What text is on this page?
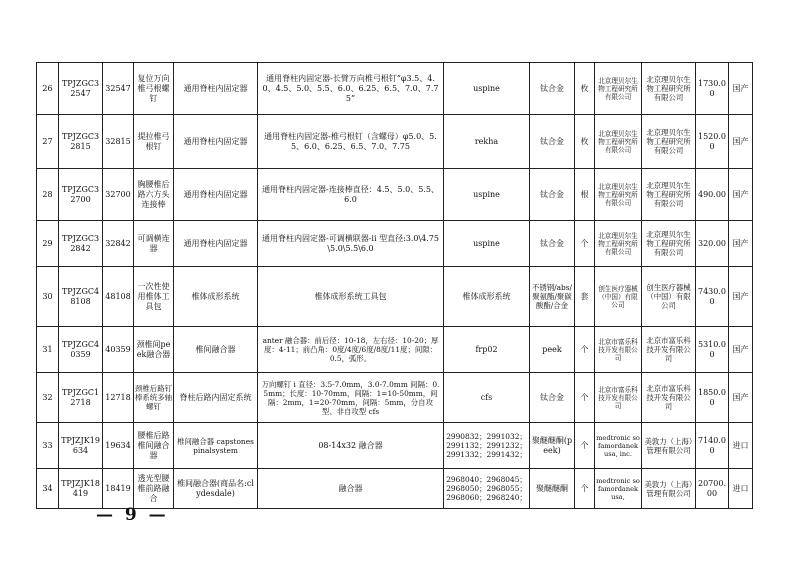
26	TPJZGC32547	32547	复位万向椎弓根螺钉	通用脊柱内固定器	通用脊柱内固定器-长臂万向椎弓根钉”φ3.5、4.0、4.5、5.0、5.5、6.0、6.25、6.5、7.0、7.75”	uspine	钛合金	枚	北京理贝尔生物工程研究所有限公司	北京理贝尔生物工程研究所有限公司	1730.00	国产
27	TPJZGC32815	32815	提拉椎弓根钉	通用脊柱内固定器	通用脊柱内固定器-椎弓根钉（含螺母）φ5.0、5.5、6.0、6.25、6.5、7.0、7.75	rekha	钛合金	枚	北京理贝尔生物工程研究所有限公司	北京理贝尔生物工程研究所有限公司	1520.00	国产
28	TPJZGC32700	32700	胸腰椎后路六方头连接棒	通用脊柱内固定器	通用脊柱内固定器-连接棒直径：4.5、5.0、5.5、6.0	uspine	钛合金	根	北京理贝尔生物工程研究所有限公司	北京理贝尔生物工程研究所有限公司	490.00	国产
29	TPJZGC32842	32842	可调横连器	通用脊柱内固定器	通用脊柱内固定器-可调横联器-ii 型直径:3.0\4.75\5.0\5.5\6.0	uspine	钛合金	个	北京理贝尔生物工程研究所有限公司	北京理贝尔生物工程研究所有限公司	320.00	国产
30	TPJZGC48108	48108	一次性使用椎体工具包	椎体成形系统	椎体成形系统工具包	椎体成形系统	不锈钢/abs/聚氨酯/聚碳酸酯/合金	套	创生医疗器械（中国）有限公司	创生医疗器械（中国）有限公司	7430.00	国产
31	TPJZGC40359	40359	颈椎间peek融合器	椎间融合器	anter 融合器：前后径：10-18，左右径：10-20；厚度：4-11；前凸角：0度/4度/6度/8度/11度；间隙：0.5，弧形。	frp02	peek	个	北京市富乐科技开发有限公司	北京市富乐科技开发有限公司	5310.00	国产
32	TPJZGC12718	12718	颈椎后路钉棒系统多轴螺钉	脊柱后路内固定系统	万向螺钉 i 直径：3.5-7.0mm，3.0-7.0mm 间隔：0.5mm；长度：10-70mm，间隔：1=10-50mm，间隔：2mm，1=20-70mm，间隔：5mm，分自攻型、非自攻型 cfs	cfs	钛合金	个	北京市富乐科技开发有限公司	北京市富乐科技开发有限公司	1850.00	国产
33	TPJZJK19634	19634	腰椎后路椎间融合器	椎间融合器 capstonespinalsystem	08-14x32 融合器	2990832；2991032；2991132；2991232；2991332；2991432；	聚醚醚酮(peek)	个	medtronic sofamordanekusa, inc.	美敦力（上海）管理有限公司	7140.00	进口
34	TPJZJK18419	18419	透光型腰椎前路融合	椎间融合器(商品名:clydesdale)	融合器	2968040；2968045；2968050；2968055；2968060；2968240；	聚醚醚酮	个	medtronic sofamordanekusa,	美敦力（上海）管理有限公司	20700.00	进口
— 9 —
